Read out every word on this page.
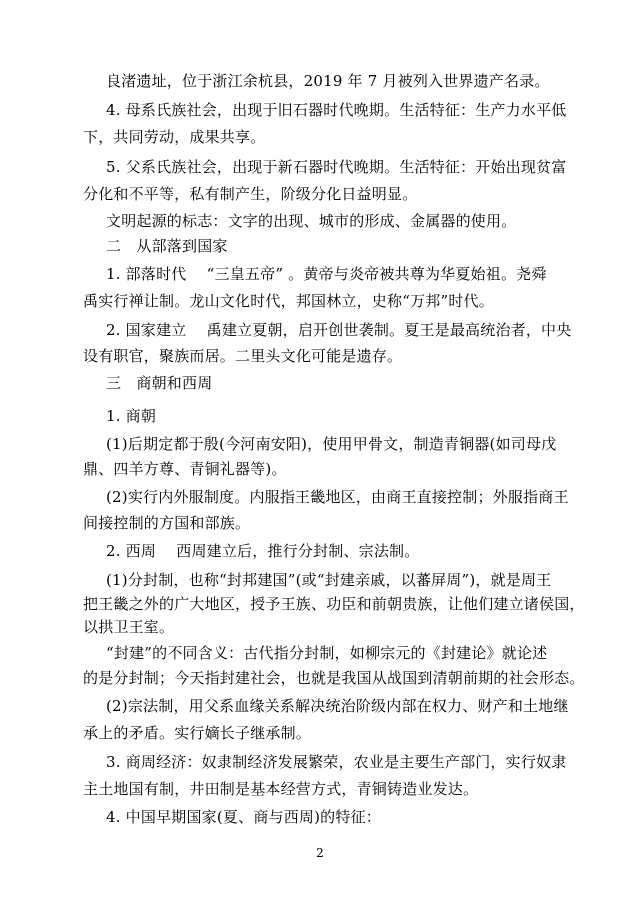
良渚遗址，位于浙江余杭县，2019 年 7 月被列入世界遗产名录。
4. 母系氏族社会，出现于旧石器时代晚期。生活特征：生产力水平低
下，共同劳动，成果共享。
5. 父系氏族社会，出现于新石器时代晚期。生活特征：开始出现贫富
分化和不平等，私有制产生，阶级分化日益明显。
文明起源的标志：文字的出现、城市的形成、金属器的使用。
二　从部落到国家
1. 部落时代　 “三皇五帝” 。黄帝与炎帝被共尊为华夏始祖。尧舜
禹实行禅让制。龙山文化时代，邦国林立，史称“万邦”时代。
2. 国家建立　 禹建立夏朝，启开创世袭制。夏王是最高统治者，中央
设有职官，聚族而居。二里头文化可能是遗存。
三　商朝和西周
1. 商朝
(1)后期定都于殷(今河南安阳)，使用甲骨文，制造青铜器(如司母戊
鼎、四羊方尊、青铜礼器等)。
(2)实行内外服制度。内服指王畿地区，由商王直接控制；外服指商王
间接控制的方国和部族。
2. 西周　 西周建立后，推行分封制、宗法制。
(1)分封制，也称“封邦建国”(或“封建亲戚，以蕃屏周”)，就是周王
把王畿之外的广大地区，授予王族、功臣和前朝贵族，让他们建立诸侯国，
以拱卫王室。
“封建”的不同含义：古代指分封制，如柳宗元的《封建论》就论述
的是分封制；今天指封建社会，也就是我国从战国到清朝前期的社会形态。
(2)宗法制，用父系血缘关系解决统治阶级内部在权力、财产和土地继
承上的矛盾。实行嫡长子继承制。
3. 商周经济：奴隶制经济发展繁荣，农业是主要生产部门，实行奴隶
主土地国有制，井田制是基本经营方式，青铜铸造业发达。
4. 中国早期国家(夏、商与西周)的特征：
2
